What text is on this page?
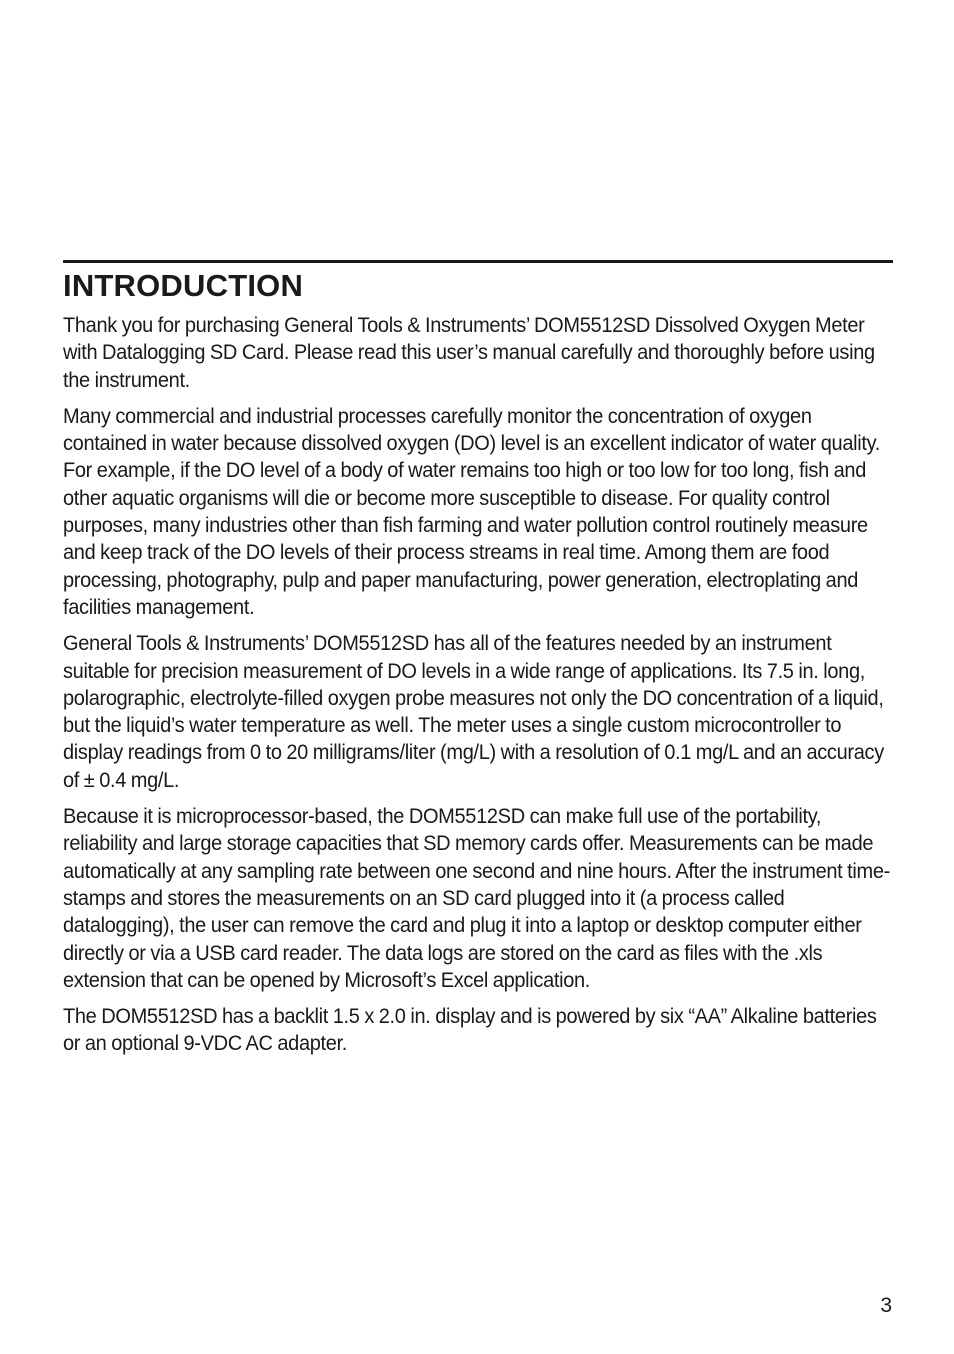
INTRODUCTION

Thank you for purchasing General Tools & Instruments’ DOM5512SD Dissolved Oxygen Meter with Datalogging SD Card. Please read this user’s manual carefully and thoroughly before using the instrument.

Many commercial and industrial processes carefully monitor the concentration of oxygen contained in water because dissolved oxygen (DO) level is an excellent indicator of water quality. For example, if the DO level of a body of water remains too high or too low for too long, fish and other aquatic organisms will die or become more susceptible to disease. For quality control purposes, many industries other than fish farming and water pollution control routinely measure and keep track of the DO levels of their process streams in real time. Among them are food processing, photography, pulp and paper manufacturing, power generation, electroplating and facilities management.

General Tools & Instruments’ DOM5512SD has all of the features needed by an instrument suitable for precision measurement of DO levels in a wide range of applications. Its 7.5 in. long, polarographic, electrolyte-filled oxygen probe measures not only the DO concentration of a liquid, but the liquid’s water temperature as well. The meter uses a single custom microcontroller to display readings from 0 to 20 milligrams/liter (mg/L) with a resolution of 0.1 mg/L and an accuracy of ± 0.4 mg/L.

Because it is microprocessor-based, the DOM5512SD can make full use of the portability, reliability and large storage capacities that SD memory cards offer. Measurements can be made automatically at any sampling rate between one second and nine hours. After the instrument time-stamps and stores the measurements on an SD card plugged into it (a process called datalogging), the user can remove the card and plug it into a laptop or desktop computer either directly or via a USB card reader. The data logs are stored on the card as files with the .xls extension that can be opened by Microsoft’s Excel application.

The DOM5512SD has a backlit 1.5 x 2.0 in. display and is powered by six “AA” Alkaline batteries or an optional 9-VDC AC adapter.

3
